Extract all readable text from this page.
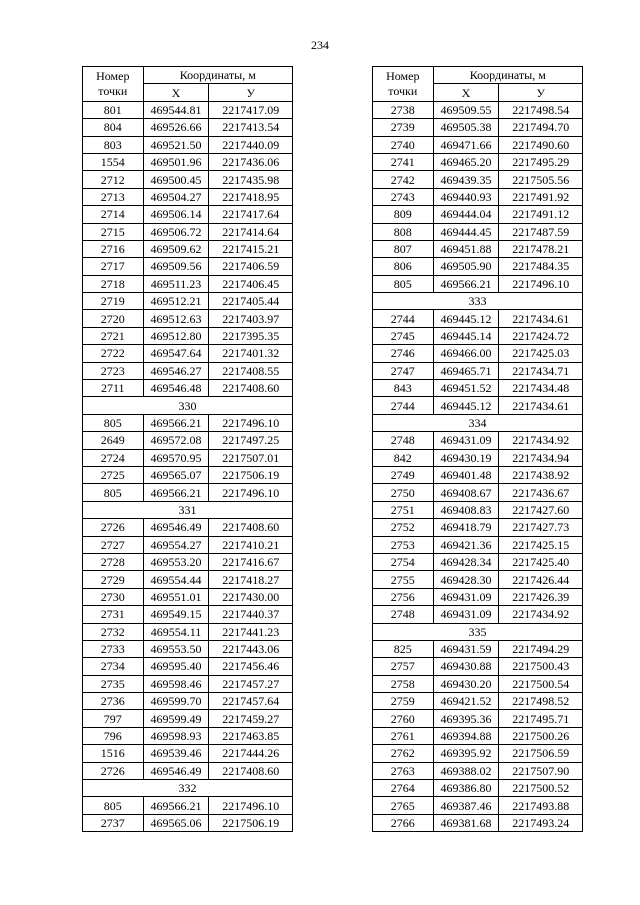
234
Номер
точки	Координаты, м	
	X	У
801	469544.81	2217417.09
804	469526.66	2217413.54
803	469521.50	2217440.09
1554	469501.96	2217436.06
2712	469500.45	2217435.98
2713	469504.27	2217418.95
2714	469506.14	2217417.64
2715	469506.72	2217414.64
2716	469509.62	2217415.21
2717	469509.56	2217406.59
2718	469511.23	2217406.45
2719	469512.21	2217405.44
2720	469512.63	2217403.97
2721	469512.80	2217395.35
2722	469547.64	2217401.32
2723	469546.27	2217408.55
2711	469546.48	2217408.60
330		
805	469566.21	2217496.10
2649	469572.08	2217497.25
2724	469570.95	2217507.01
2725	469565.07	2217506.19
805	469566.21	2217496.10
331		
2726	469546.49	2217408.60
2727	469554.27	2217410.21
2728	469553.20	2217416.67
2729	469554.44	2217418.27
2730	469551.01	2217430.00
2731	469549.15	2217440.37
2732	469554.11	2217441.23
2733	469553.50	2217443.06
2734	469595.40	2217456.46
2735	469598.46	2217457.27
2736	469599.70	2217457.64
797	469599.49	2217459.27
796	469598.93	2217463.85
1516	469539.46	2217444.26
2726	469546.49	2217408.60
332		
805	469566.21	2217496.10
2737	469565.06	2217506.19
Номер
точки	Координаты, м	
	X	У
2738	469509.55	2217498.54
2739	469505.38	2217494.70
2740	469471.66	2217490.60
2741	469465.20	2217495.29
2742	469439.35	2217505.56
2743	469440.93	2217491.92
809	469444.04	2217491.12
808	469444.45	2217487.59
807	469451.88	2217478.21
806	469505.90	2217484.35
805	469566.21	2217496.10
333		
2744	469445.12	2217434.61
2745	469445.14	2217424.72
2746	469466.00	2217425.03
2747	469465.71	2217434.71
843	469451.52	2217434.48
2744	469445.12	2217434.61
334		
2748	469431.09	2217434.92
842	469430.19	2217434.94
2749	469401.48	2217438.92
2750	469408.67	2217436.67
2751	469408.83	2217427.60
2752	469418.79	2217427.73
2753	469421.36	2217425.15
2754	469428.34	2217425.40
2755	469428.30	2217426.44
2756	469431.09	2217426.39
2748	469431.09	2217434.92
335		
825	469431.59	2217494.29
2757	469430.88	2217500.43
2758	469430.20	2217500.54
2759	469421.52	2217498.52
2760	469395.36	2217495.71
2761	469394.88	2217500.26
2762	469395.92	2217506.59
2763	469388.02	2217507.90
2764	469386.80	2217500.52
2765	469387.46	2217493.88
2766	469381.68	2217493.24
